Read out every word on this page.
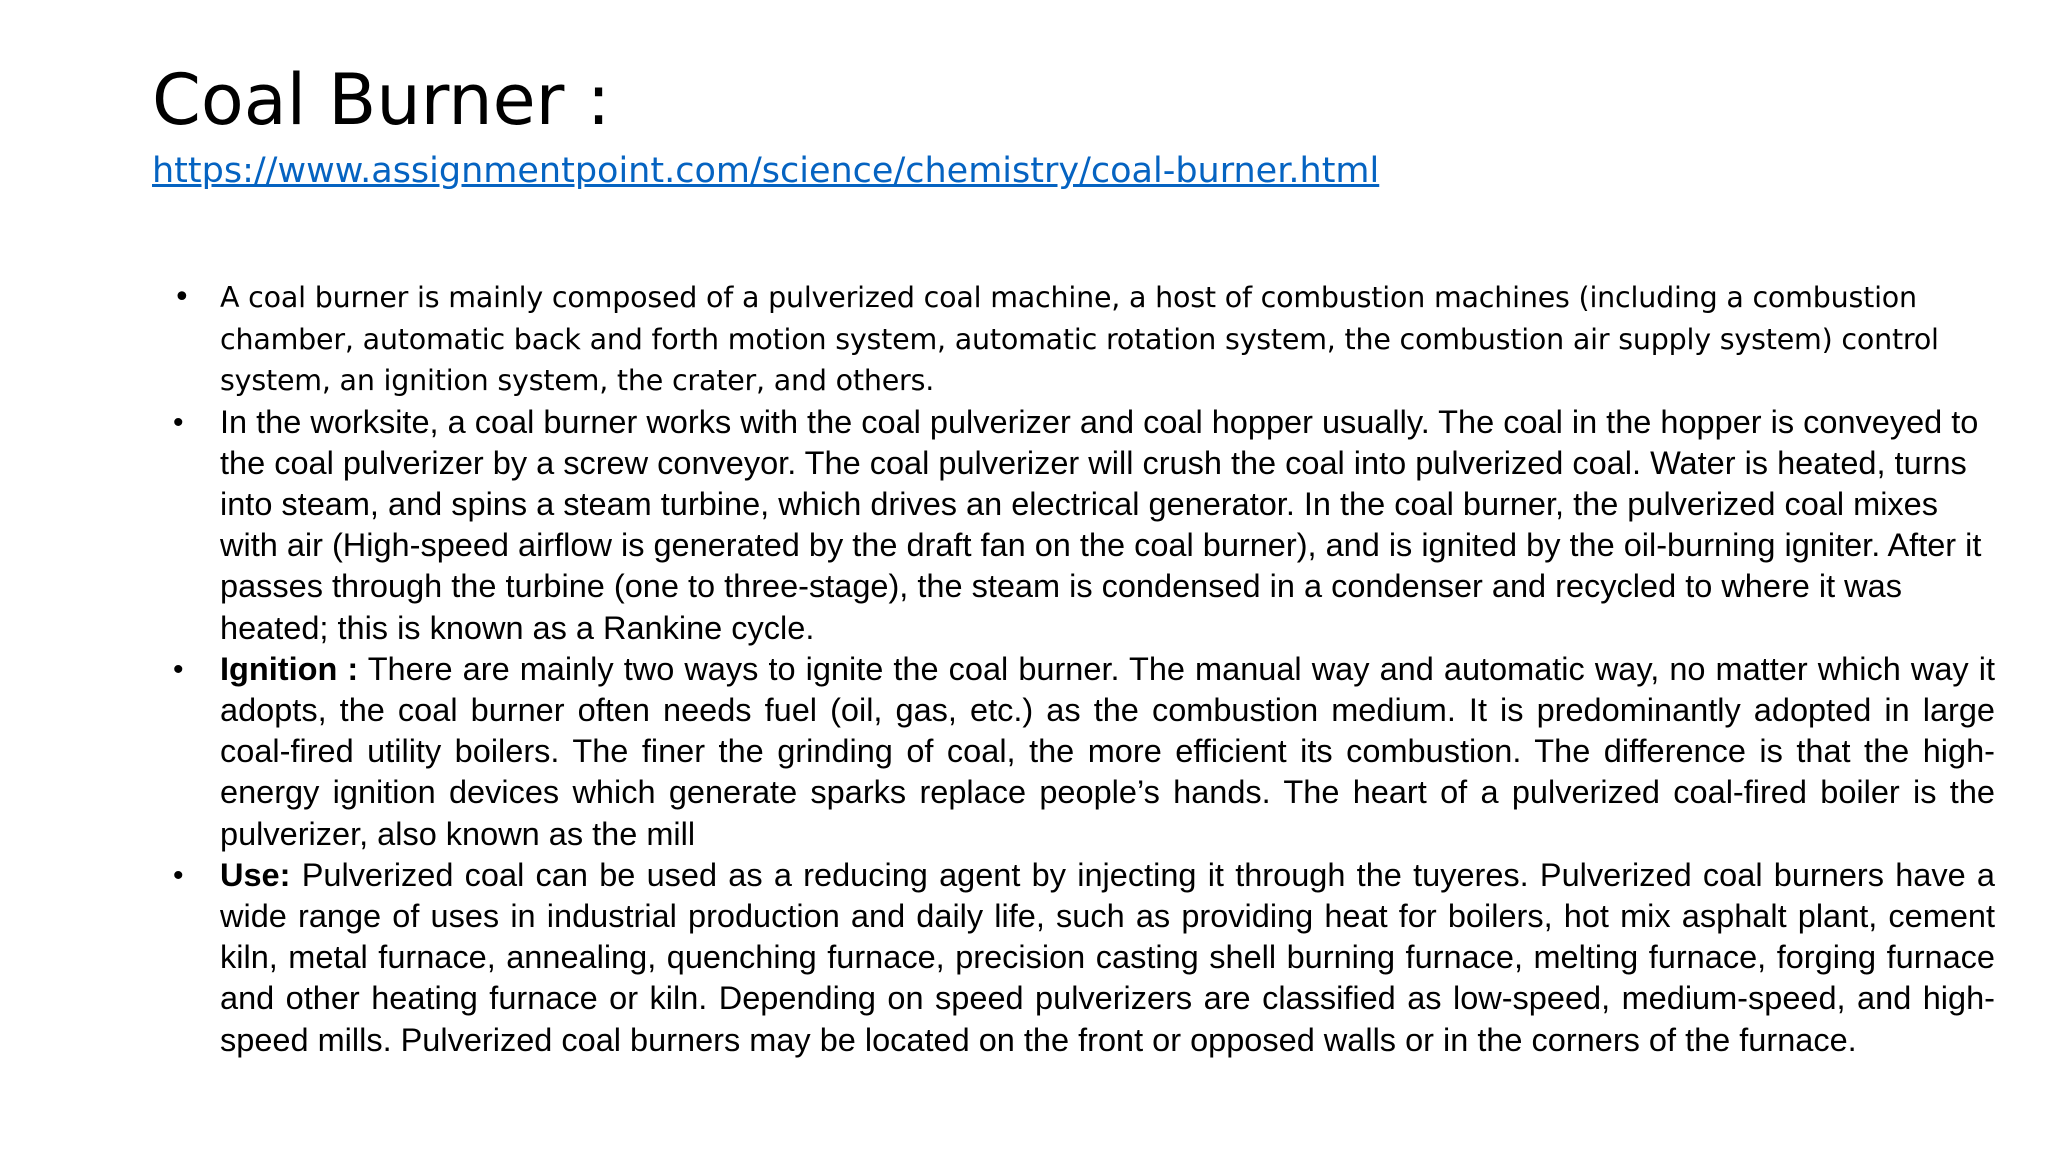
Coal Burner :
https://www.assignmentpoint.com/science/chemistry/coal-burner.html
• A coal burner is mainly composed of a pulverized coal machine, a host of combustion machines (including a combustion chamber, automatic back and forth motion system, automatic rotation system, the combustion air supply system) control system, an ignition system, the crater, and others.
• In the worksite, a coal burner works with the coal pulverizer and coal hopper usually. The coal in the hopper is conveyed to the coal pulverizer by a screw conveyor. The coal pulverizer will crush the coal into pulverized coal. Water is heated, turns into steam, and spins a steam turbine, which drives an electrical generator. In the coal burner, the pulverized coal mixes with air (High-speed airflow is generated by the draft fan on the coal burner), and is ignited by the oil-burning igniter. After it passes through the turbine (one to three-stage), the steam is condensed in a condenser and recycled to where it was heated; this is known as a Rankine cycle.
• Ignition : There are mainly two ways to ignite the coal burner. The manual way and automatic way, no matter which way it adopts, the coal burner often needs fuel (oil, gas, etc.) as the combustion medium. It is predominantly adopted in large coal-fired utility boilers. The finer the grinding of coal, the more efficient its combustion. The difference is that the high-energy ignition devices which generate sparks replace people’s hands. The heart of a pulverized coal-fired boiler is the pulverizer, also known as the mill
• Use: Pulverized coal can be used as a reducing agent by injecting it through the tuyeres. Pulverized coal burners have a wide range of uses in industrial production and daily life, such as providing heat for boilers, hot mix asphalt plant, cement kiln, metal furnace, annealing, quenching furnace, precision casting shell burning furnace, melting furnace, forging furnace and other heating furnace or kiln. Depending on speed pulverizers are classified as low-speed, medium-speed, and high-speed mills. Pulverized coal burners may be located on the front or opposed walls or in the corners of the furnace.
